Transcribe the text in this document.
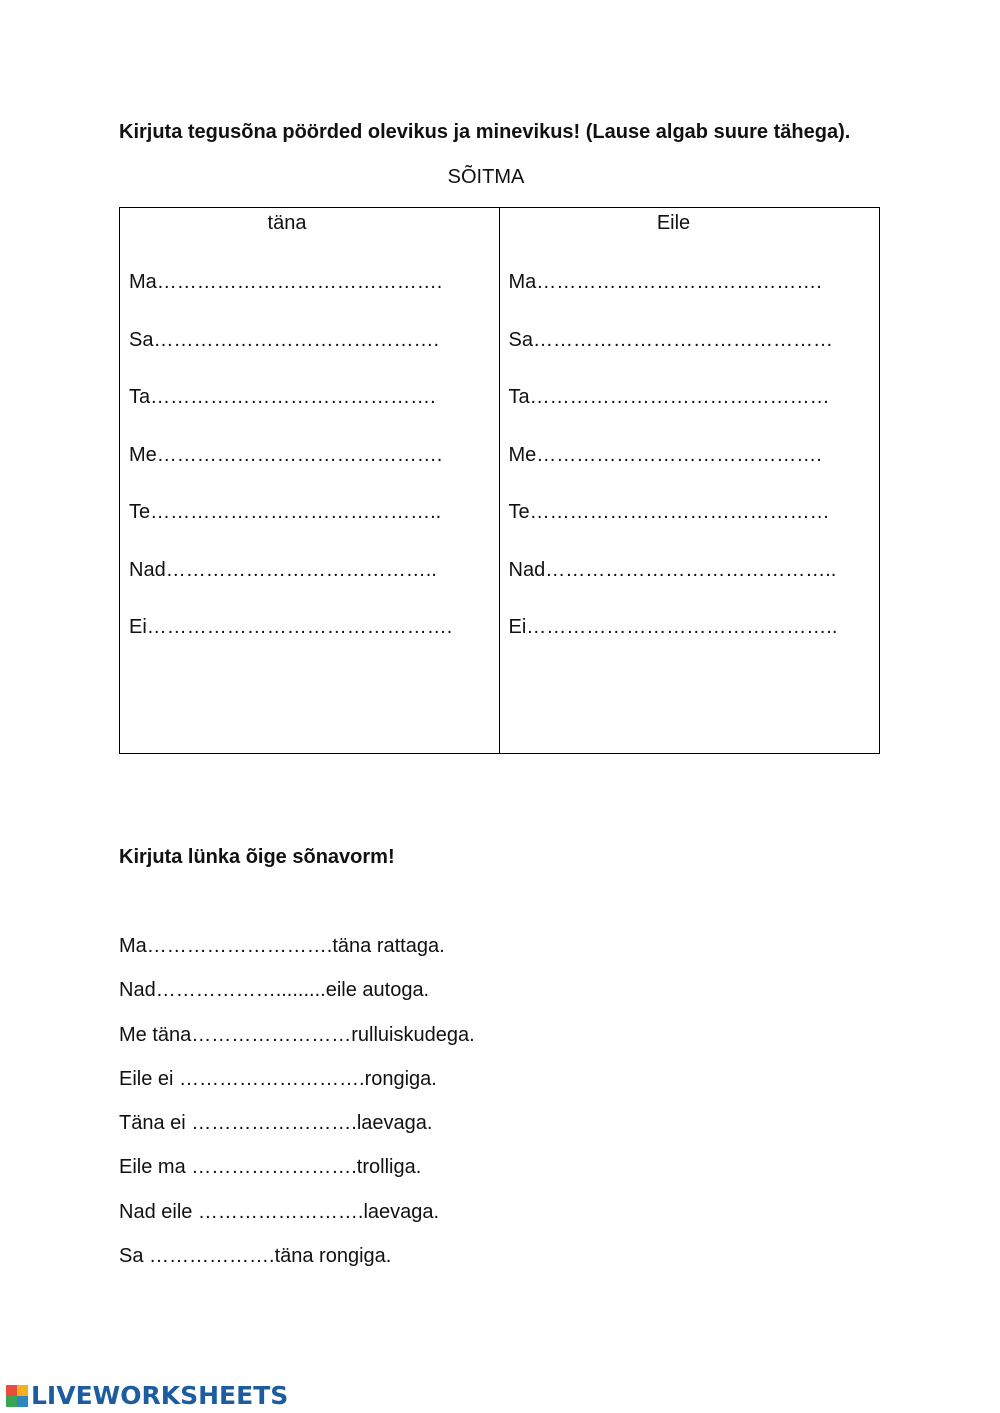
Kirjuta tegusõna pöörded olevikus ja minevikus! (Lause algab suure tähega).
SÕITMA
täna
Ma…………………………………….
Sa…………………………………….
Ta…………………………………….
Me…………………………………….
Te……………………………………..
Nad…………………………………..
Ei……………………………………….
Eile
Ma…………………………………….
Sa………………………………………
Ta………………………………………
Me…………………………………….
Te………………………………………
Nad……………………………………..
Ei………………………………………..
Kirjuta lünka õige sõnavorm!
Ma……………………….täna rattaga.
Nad……………….........eile autoga.
Me täna……………………rulluiskudega.
Eile ei ……………………….rongiga.
Täna ei …………………….laevaga.
Eile ma …………………….trolliga.
Nad eile …………………….laevaga.
Sa ……………….täna rongiga.
LIVEWORKSHEETS
